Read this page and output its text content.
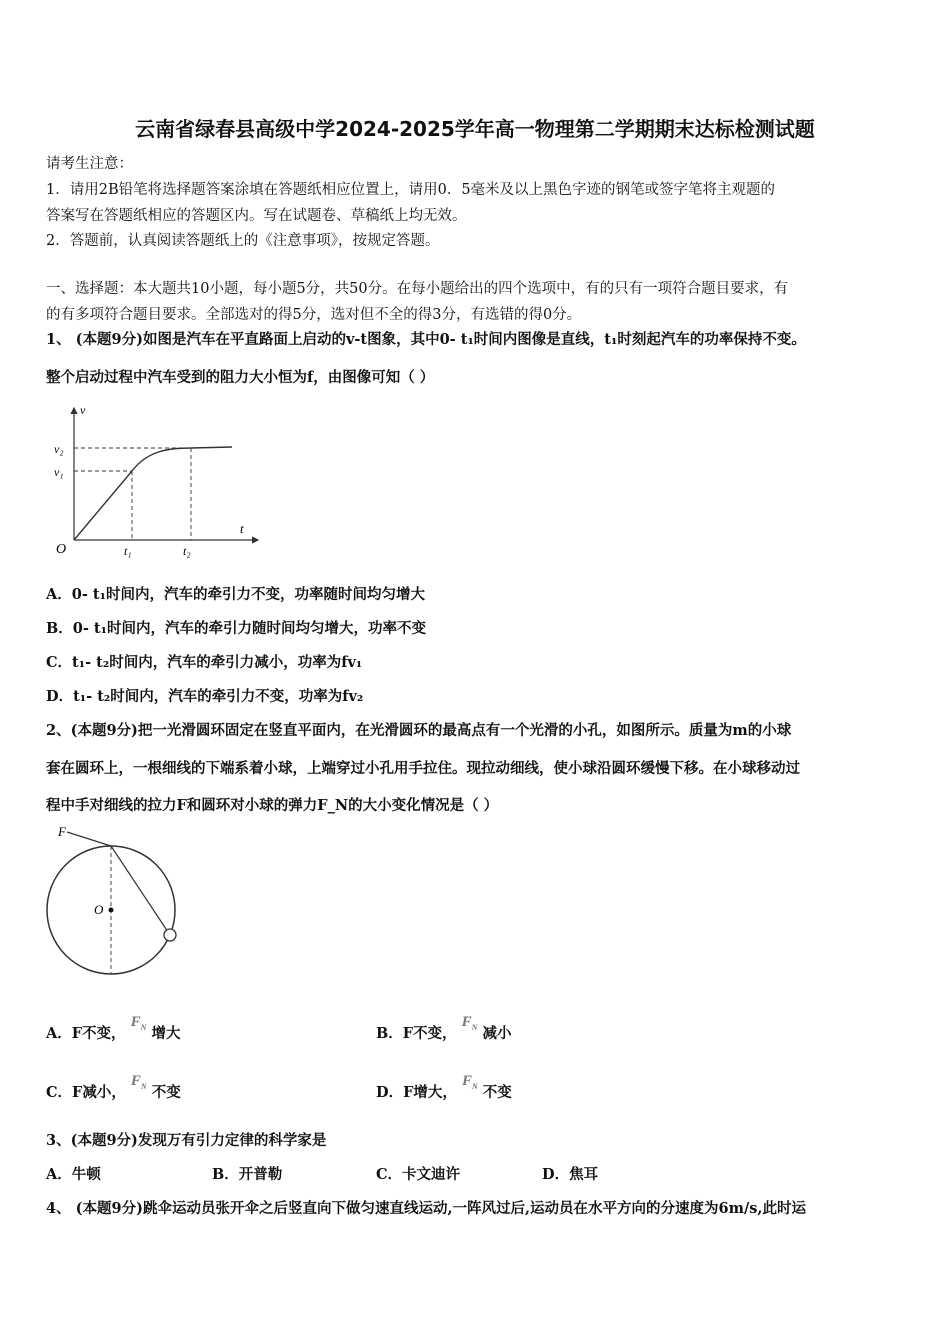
云南省绿春县高级中学2024-2025学年高一物理第二学期期末达标检测试题
请考生注意：
1．请用2B铅笔将选择题答案涂填在答题纸相应位置上，请用0．5毫米及以上黑色字迹的钢笔或签字笔将主观题的
答案写在答题纸相应的答题区内。写在试题卷、草稿纸上均无效。
2．答题前，认真阅读答题纸上的《注意事项》，按规定答题。
一、选择题：本大题共10小题，每小题5分，共50分。在每小题给出的四个选项中，有的只有一项符合题目要求，有
的有多项符合题目要求。全部选对的得5分，选对但不全的得3分，有选错的得0分。
1、 (本题9分)如图是汽车在平直路面上启动的v-t图象，其中0- t₁时间内图像是直线，t₁时刻起汽车的功率保持不变。
整个启动过程中汽车受到的阻力大小恒为f，由图像可知（ ）
v
v₂
v₁
O
t
t₁	t₂
A．0- t₁时间内，汽车的牵引力不变，功率随时间均匀增大
B．0- t₁时间内，汽车的牵引力随时间均匀增大，功率不变
C．t₁- t₂时间内，汽车的牵引力减小，功率为fv₁
D．t₁- t₂时间内，汽车的牵引力不变，功率为fv₂
2、(本题9分)把一光滑圆环固定在竖直平面内，在光滑圆环的最高点有一个光滑的小孔，如图所示。质量为m的小球
套在圆环上，一根细线的下端系着小球，上端穿过小孔用手拉住。现拉动细线，使小球沿圆环缓慢下移。在小球移动过
程中手对细线的拉力F和圆环对小球的弹力F_N的大小变化情况是（ ）
F
O
A．F不变， $F_N$ 增大	B．F不变， $F_N$ 减小
C．F减小， $F_N$ 不变	D．F增大， $F_N$ 不变
3、(本题9分)发现万有引力定律的科学家是
A．牛顿	B．开普勒	C．卡文迪许	D．焦耳
4、 (本题9分)跳伞运动员张开伞之后竖直向下做匀速直线运动,一阵风过后,运动员在水平方向的分速度为6m/s,此时运
